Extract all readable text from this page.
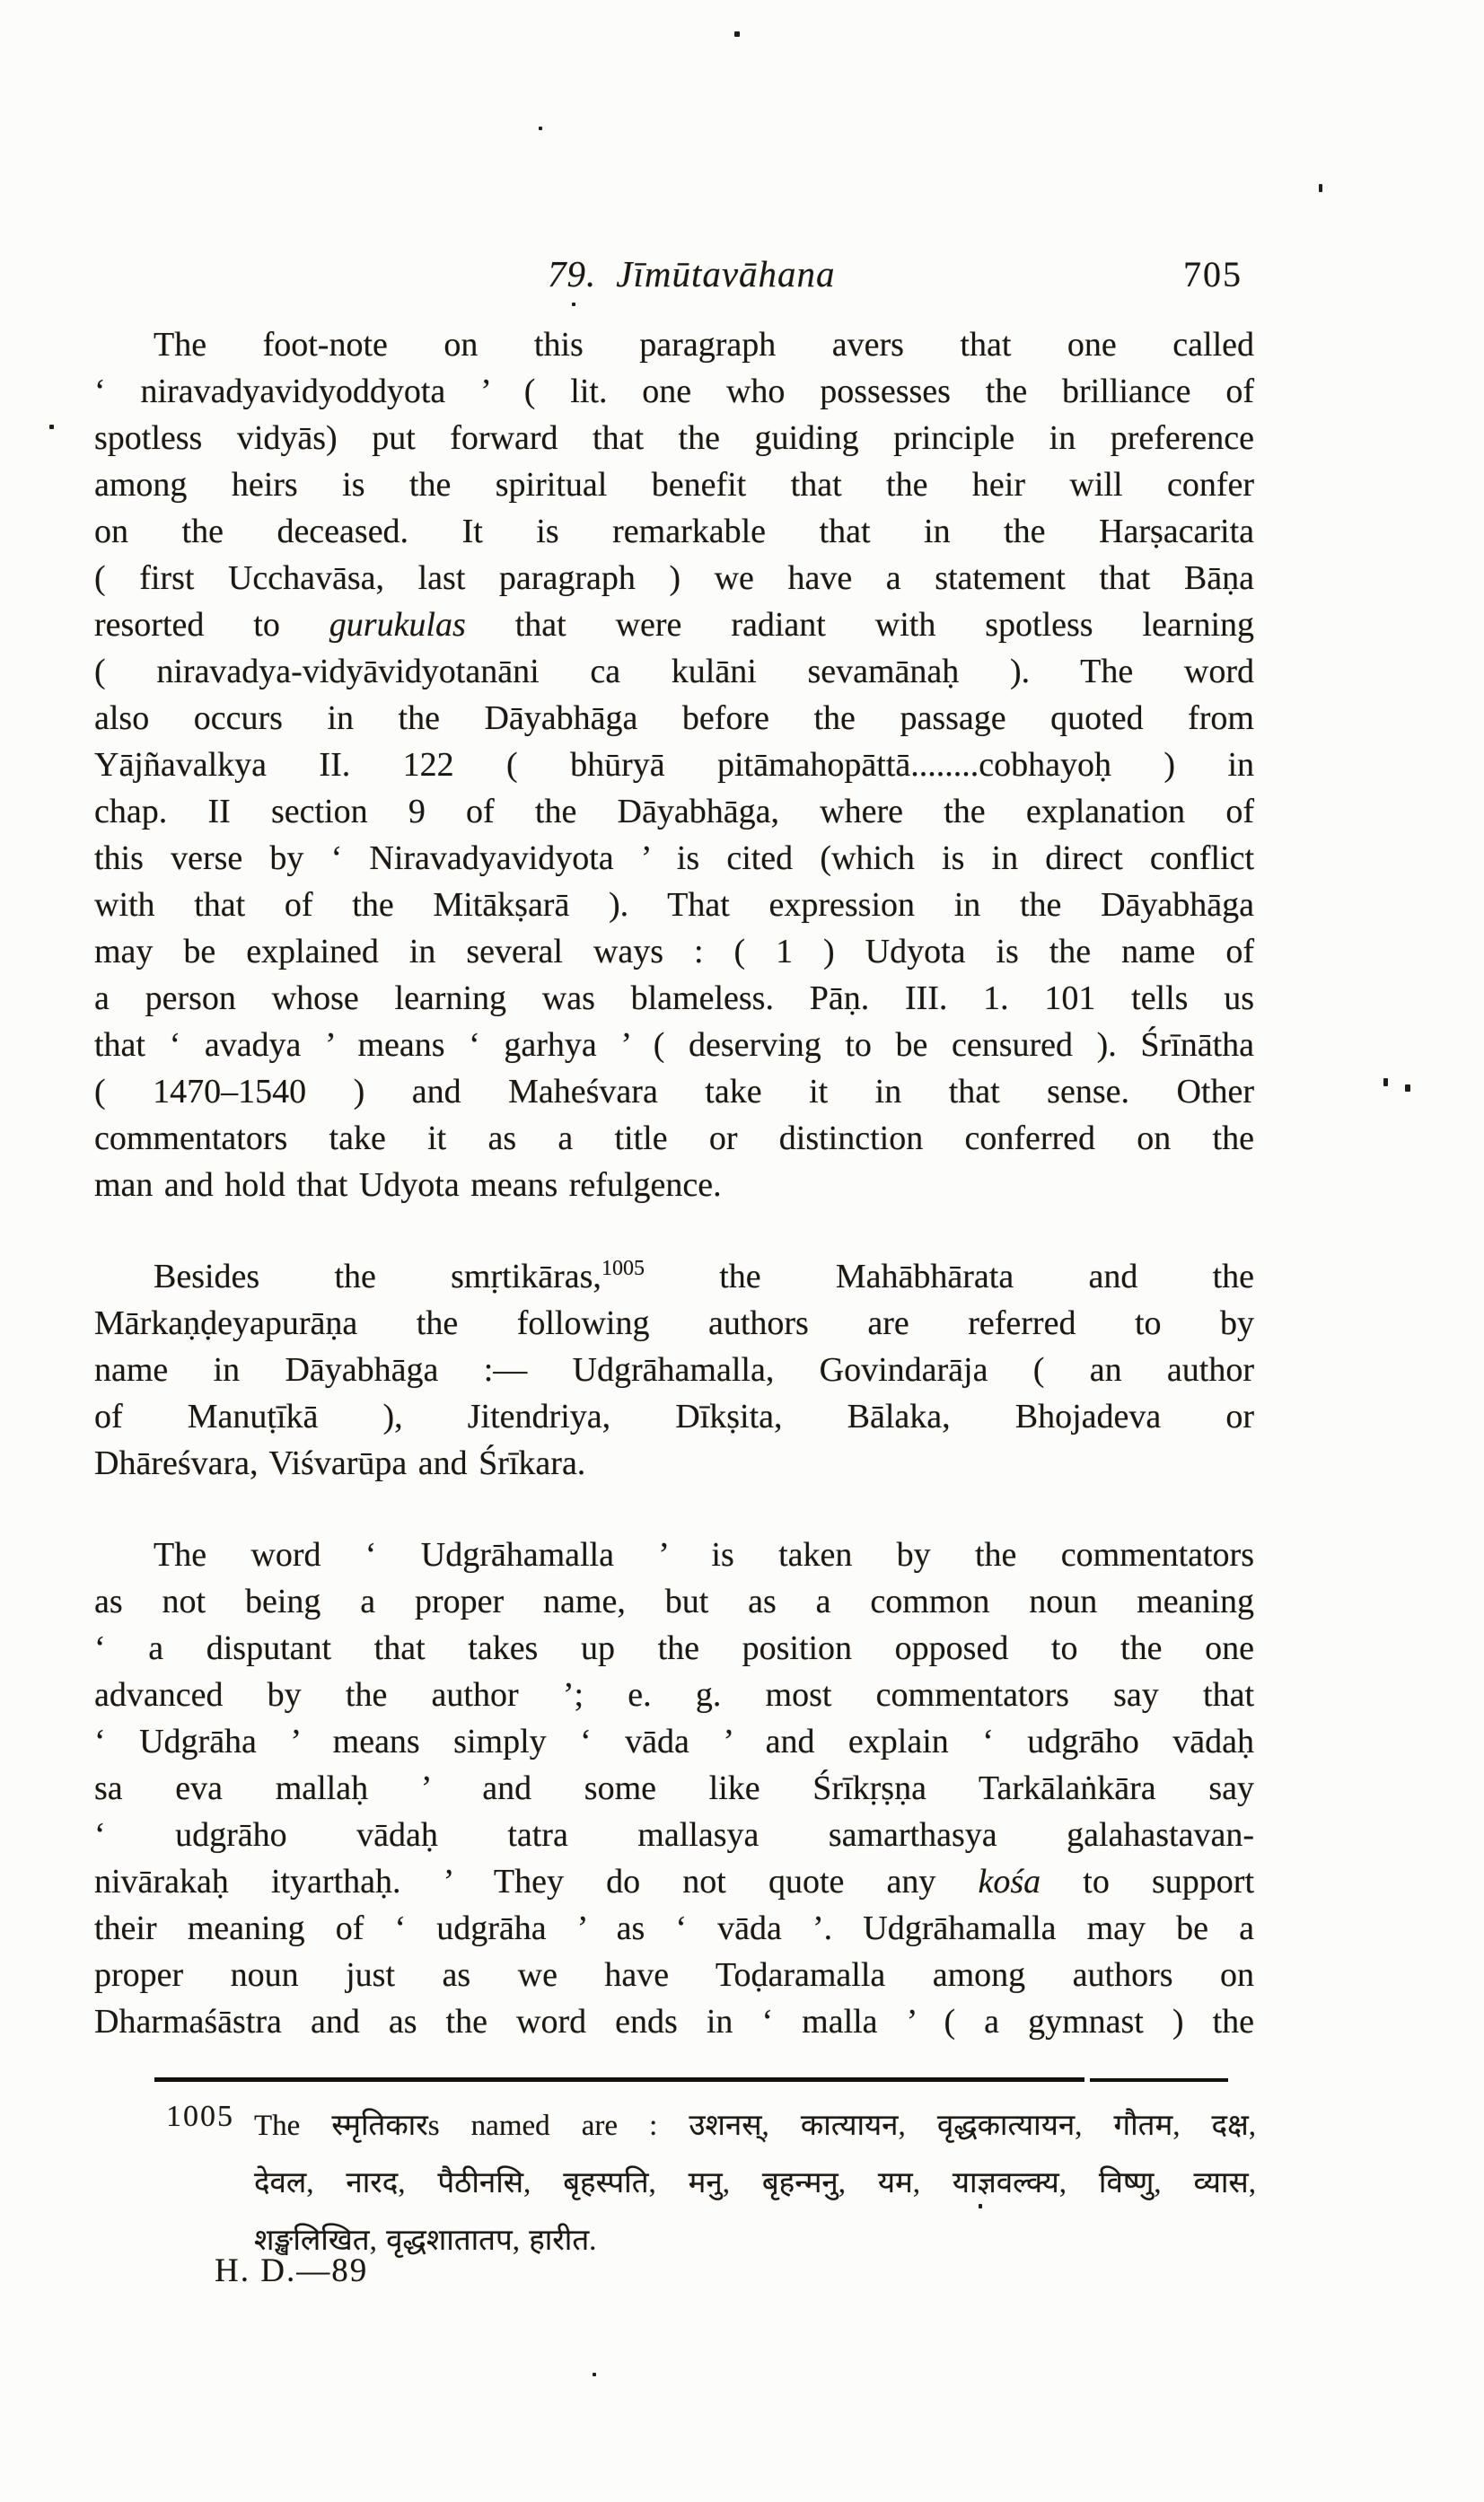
79. Jīmūtavāhana	705
The foot-note on this paragraph avers that one called
‘ niravadyavidyoddyota ’ ( lit. one who possesses the brilliance of
spotless vidyās) put forward that the guiding principle in preference
among heirs is the spiritual benefit that the heir will confer
on the deceased. It is remarkable that in the Harṣacarita
( first Ucchavāsa, last paragraph ) we have a statement that Bāṇa
resorted to gurukulas that were radiant with spotless learning
( niravadya-vidyāvidyotanāni ca kulāni sevamānaḥ ). The word
also occurs in the Dāyabhāga before the passage quoted from
Yājñavalkya II. 122 ( bhūryā pitāmahopāttā........cobhayoḥ ) in
chap. II section 9 of the Dāyabhāga, where the explanation of
this verse by ‘ Niravadyavidyota ’ is cited (which is in direct conflict
with that of the Mitākṣarā ). That expression in the Dāyabhāga
may be explained in several ways : ( 1 ) Udyota is the name of
a person whose learning was blameless. Pāṇ. III. 1. 101 tells us
that ‘ avadya ’ means ‘ garhya ’ ( deserving to be censured ). Śrīnātha
( 1470–1540 ) and Maheśvara take it in that sense. Other
commentators take it as a title or distinction conferred on the
man and hold that Udyota means refulgence.
Besides the smṛtikāras,$^{1005}$ the Mahābhārata and the
Mārkaṇḍeyapurāṇa the following authors are referred to by
name in Dāyabhāga :— Udgrāhamalla, Govindarāja ( an author
of Manuṭīkā ), Jitendriya, Dīkṣita, Bālaka, Bhojadeva or
Dhāreśvara, Viśvarūpa and Śrīkara.
The word ‘ Udgrāhamalla ’ is taken by the commentators
as not being a proper name, but as a common noun meaning
‘ a disputant that takes up the position opposed to the one
advanced by the author ’; e. g. most commentators say that
‘ Udgrāha ’ means simply ‘ vāda ’ and explain ‘ udgrāho vādaḥ
sa eva mallaḥ ’ and some like Śrīkṛṣṇa Tarkālaṅkāra say
‘ udgrāho vādaḥ tatra mallasya samarthasya galahastavan-
nivārakaḥ ityarthaḥ. ’ They do not quote any kośa to support
their meaning of ‘ udgrāha ’ as ‘ vāda ’. Udgrāhamalla may be a
proper noun just as we have Toḍaramalla among authors on
Dharmaśāstra and as the word ends in ‘ malla ’ ( a gymnast ) the
1005 The स्मृतिकारs named are : उशनस्, कात्यायन, वृद्धकात्यायन, गौतम, दक्ष,
देवल, नारद, पैठीनसि, बृहस्पति, मनु, बृहन्मनु, यम, याज्ञवल्क्य, विष्णु, व्यास,
शङ्खलिखित, वृद्धशातातप, हारीत.
H. D.—89
